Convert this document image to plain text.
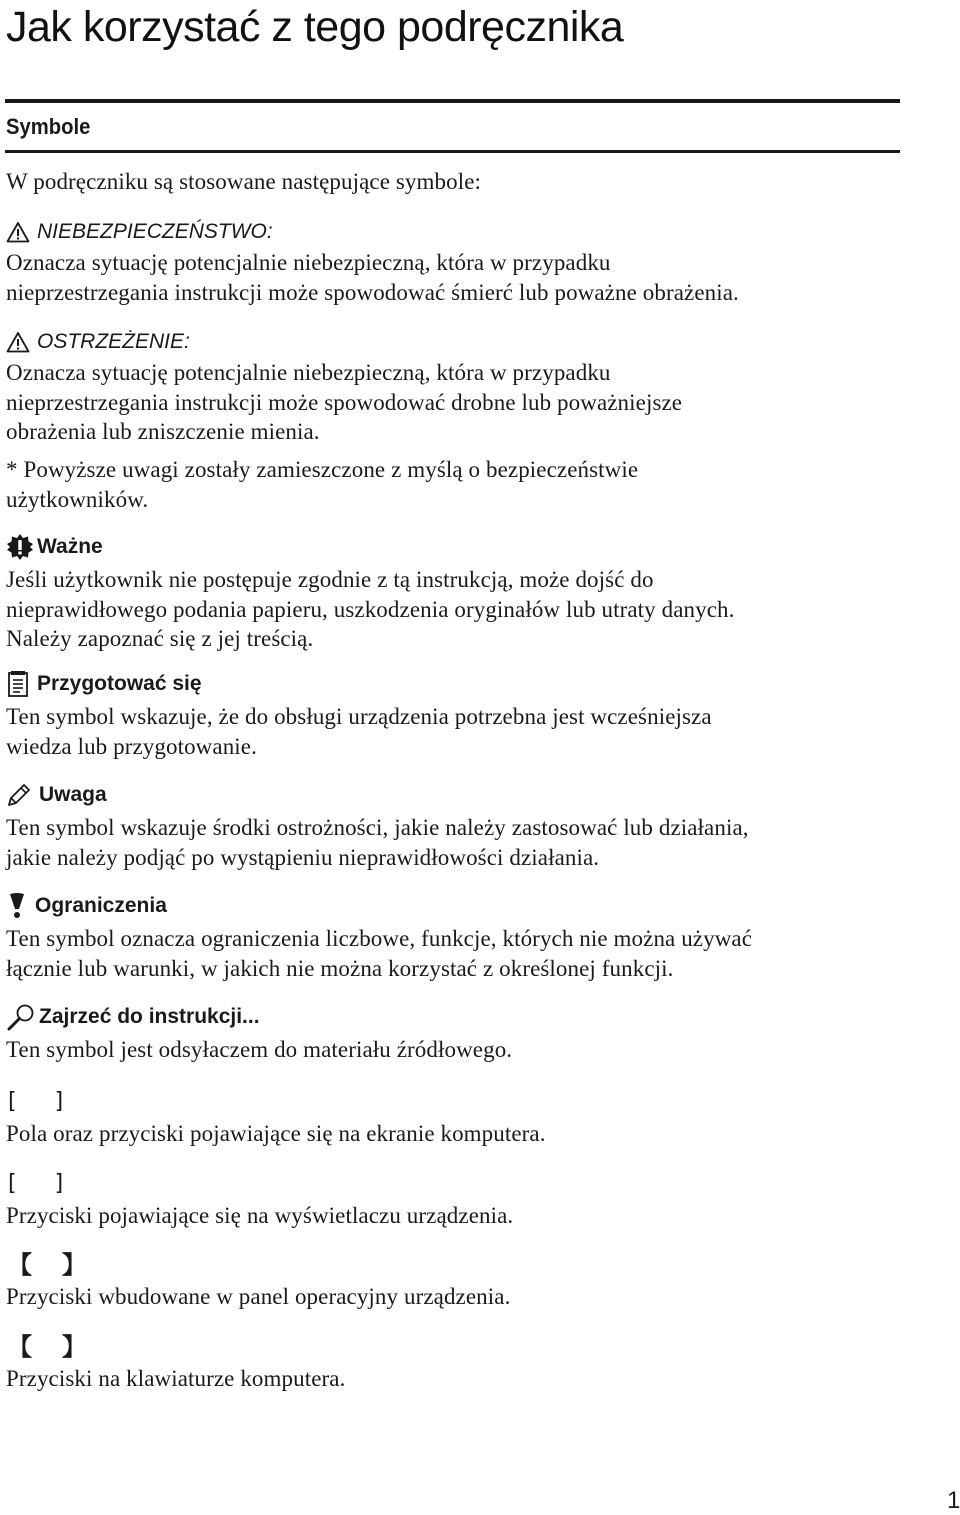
Jak korzystać z tego podręcznika
Symbole

W podręczniku są stosowane następujące symbole:

NIEBEZPIECZEŃSTWO:

Oznacza sytuację potencjalnie niebezpieczną, która w przypadku

nieprzestrzegania instrukcji może spowodować śmierć lub poważne obrażenia.

OSTRZEŻENIE:

Oznacza sytuację potencjalnie niebezpieczną, która w przypadku

nieprzestrzegania instrukcji może spowodować drobne lub poważniejsze

obrażenia lub zniszczenie mienia.

* Powyższe uwagi zostały zamieszczone z myślą o bezpieczeństwie

użytkowników.

Ważne

Jeśli użytkownik nie postępuje zgodnie z tą instrukcją, może dojść do

nieprawidłowego podania papieru, uszkodzenia oryginałów lub utraty danych.

Należy zapoznać się z jej treścią.

Przygotować się

Ten symbol wskazuje, że do obsługi urządzenia potrzebna jest wcześniejsza

wiedza lub przygotowanie.

Uwaga

Ten symbol wskazuje środki ostrożności, jakie należy zastosować lub działania,

jakie należy podjąć po wystąpieniu nieprawidłowości działania.

Ograniczenia

Ten symbol oznacza ograniczenia liczbowe, funkcje, których nie można używać

łącznie lub warunki, w jakich nie można korzystać z określonej funkcji.

Zajrzeć do instrukcji...

Ten symbol jest odsyłaczem do materiału źródłowego.

[ ]

Pola oraz przyciski pojawiające się na ekranie komputera.

[ ]

Przyciski pojawiające się na wyświetlaczu urządzenia.

【 】

Przyciski wbudowane w panel operacyjny urządzenia.

【 】

Przyciski na klawiaturze komputera.

1
